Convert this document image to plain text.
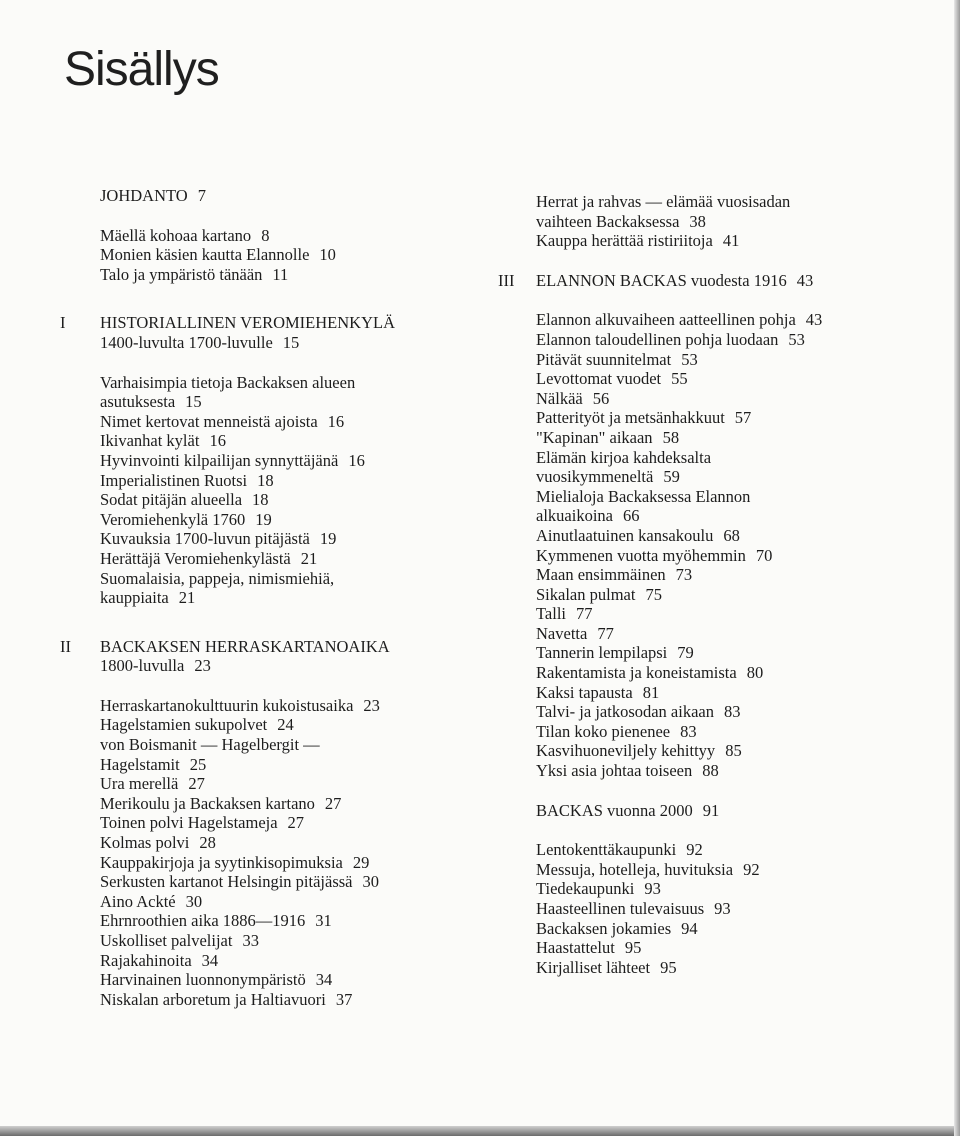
Sisällys
JOHDANTO 7
Mäellä kohoaa kartano 8
Monien käsien kautta Elannolle 10
Talo ja ympäristö tänään 11
I HISTORIALLINEN VEROMIEHENKYLÄ
1400-luvulta 1700-luvulle 15
Varhaisimpia tietoja Backaksen alueen
asutuksesta 15
Nimet kertovat menneistä ajoista 16
Ikivanhat kylät 16
Hyvinvointi kilpailijan synnyttäjänä 16
Imperialistinen Ruotsi 18
Sodat pitäjän alueella 18
Veromiehenkylä 1760 19
Kuvauksia 1700-luvun pitäjästä 19
Herättäjä Veromiehenkylästä 21
Suomalaisia, pappeja, nimismiehiä,
kauppiaita 21
II BACKAKSEN HERRASKARTANOAIKA
1800-luvulla 23
Herraskartanokulttuurin kukoistusaika 23
Hagelstamien sukupolvet 24
von Boismanit — Hagelbergit —
Hagelstamit 25
Ura merellä 27
Merikoulu ja Backaksen kartano 27
Toinen polvi Hagelstameja 27
Kolmas polvi 28
Kauppakirjoja ja syytinkisopimuksia 29
Serkusten kartanot Helsingin pitäjässä 30
Aino Ackté 30
Ehrnroothien aika 1886—1916 31
Uskolliset palvelijat 33
Rajakahinoita 34
Harvinainen luonnonympäristö 34
Niskalan arboretum ja Haltiavuori 37
Herrat ja rahvas — elämää vuosisadan
vaihteen Backaksessa 38
Kauppa herättää ristiriitoja 41
III ELANNON BACKAS vuodesta 1916 43
Elannon alkuvaiheen aatteellinen pohja 43
Elannon taloudellinen pohja luodaan 53
Pitävät suunnitelmat 53
Levottomat vuodet 55
Nälkää 56
Patterityöt ja metsänhakkuut 57
"Kapinan" aikaan 58
Elämän kirjoa kahdeksalta
vuosikymmeneltä 59
Mielialoja Backaksessa Elannon
alkuaikoina 66
Ainutlaatuinen kansakoulu 68
Kymmenen vuotta myöhemmin 70
Maan ensimmäinen 73
Sikalan pulmat 75
Talli 77
Navetta 77
Tannerin lempilapsi 79
Rakentamista ja koneistamista 80
Kaksi tapausta 81
Talvi- ja jatkosodan aikaan 83
Tilan koko pienenee 83
Kasvihuoneviljely kehittyy 85
Yksi asia johtaa toiseen 88
BACKAS vuonna 2000 91
Lentokenttäkaupunki 92
Messuja, hotelleja, huvituksia 92
Tiedekaupunki 93
Haasteellinen tulevaisuus 93
Backaksen jokamies 94
Haastattelut 95
Kirjalliset lähteet 95
